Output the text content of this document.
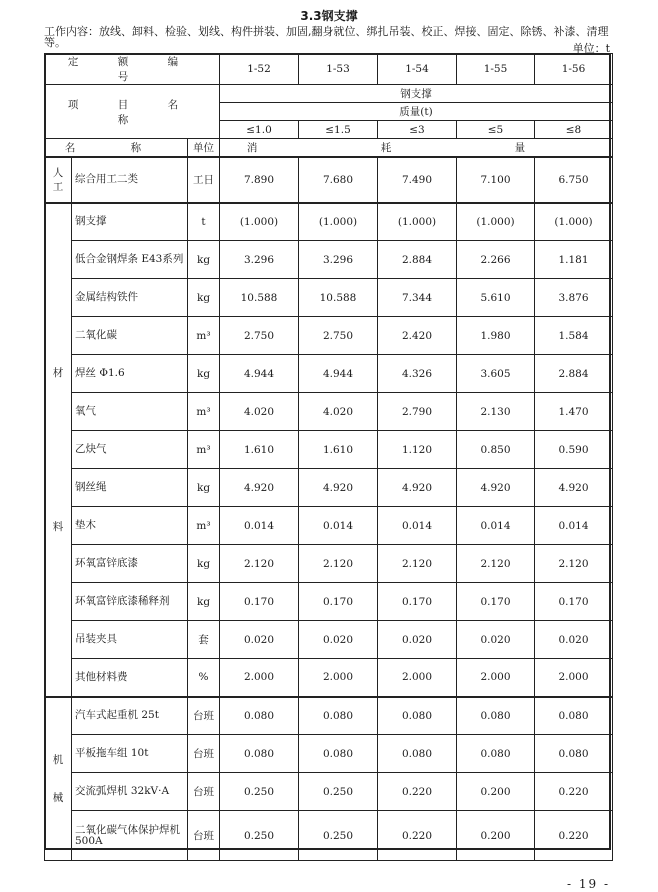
3.3钢支撑
工作内容：放线、卸料、检验、划线、构件拼装、加固,翻身就位、绑扎吊装、校正、焊接、固定、除锈、补漆、清理等。	单位：t
定 额 编 号			1-52	1-53	1-54	1-55	1-56
项 目 名 称			钢支撑				
			质量(t)				
			≤1.0	≤1.5	≤3	≤5	≤8
名 称		单位	消 耗 量				

人
工	综合用工二类	工日	7.890	7.680	7.490	7.100	6.750

材
料	钢支撑	t	(1.000)	(1.000)	(1.000)	(1.000)	(1.000)
	低合金钢焊条 E43系列	kg	3.296	3.296	2.884	2.266	1.181
	金属结构铁件	kg	10.588	10.588	7.344	5.610	3.876
	二氧化碳	m³	2.750	2.750	2.420	1.980	1.584
	焊丝 Φ1.6	kg	4.944	4.944	4.326	3.605	2.884
	氧气	m³	4.020	4.020	2.790	2.130	1.470
	乙炔气	m³	1.610	1.610	1.120	0.850	0.590
	钢丝绳	kg	4.920	4.920	4.920	4.920	4.920
	垫木	m³	0.014	0.014	0.014	0.014	0.014
	环氧富锌底漆	kg	2.120	2.120	2.120	2.120	2.120
	环氧富锌底漆稀释剂	kg	0.170	0.170	0.170	0.170	0.170
	吊装夹具	套	0.020	0.020	0.020	0.020	0.020
	其他材料费	%	2.000	2.000	2.000	2.000	2.000

机
械	汽车式起重机 25t	台班	0.080	0.080	0.080	0.080	0.080
	平板拖车组 10t	台班	0.080	0.080	0.080	0.080	0.080
	交流弧焊机 32kV·A	台班	0.250	0.250	0.220	0.200	0.220
	二氧化碳气体保护焊机 500A	台班	0.250	0.250	0.220	0.200	0.220
- 19 -
